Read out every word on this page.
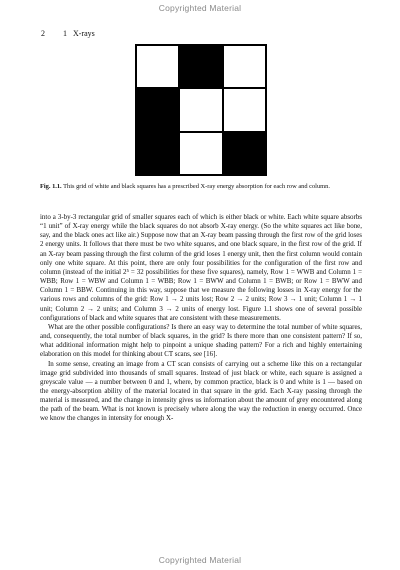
Copyrighted Material
2 1   X-rays
Fig. 1.1. This grid of white and black squares has a prescribed X-ray energy absorption for each row and column.

into a 3-by-3 rectangular grid of smaller squares each of which is either black or white. Each white square absorbs “1 unit” of X-ray energy while the black squares do not absorb X-ray energy. (So the white squares act like bone, say, and the black ones act like air.) Suppose now that an X-ray beam passing through the first row of the grid loses 2 energy units. It follows that there must be two white squares, and one black square, in the first row of the grid. If an X-ray beam passing through the first column of the grid loses 1 energy unit, then the first column would contain only one white square. At this point, there are only four possibilities for the configuration of the first row and column (instead of the initial 2⁵ = 32 possibilities for these five squares), namely, Row 1 = WWB and Column 1 = WBB; Row 1 = WBW and Column 1 = WBB; Row 1 = BWW and Column 1 = BWB; or Row 1 = BWW and Column 1 = BBW. Continuing in this way, suppose that we measure the following losses in X-ray energy for the various rows and columns of the grid: Row 1 → 2 units lost; Row 2 → 2 units; Row 3 → 1 unit; Column 1 → 1 unit; Column 2 → 2 units; and Column 3 → 2 units of energy lost. Figure 1.1 shows one of several possible configurations of black and white squares that are consistent with these measurements.

What are the other possible configurations? Is there an easy way to determine the total number of white squares, and, consequently, the total number of black squares, in the grid? Is there more than one consistent pattern? If so, what additional information might help to pinpoint a unique shading pattern? For a rich and highly entertaining elaboration on this model for thinking about CT scans, see [16].

In some sense, creating an image from a CT scan consists of carrying out a scheme like this on a rectangular image grid subdivided into thousands of small squares. Instead of just black or white, each square is assigned a greyscale value — a number between 0 and 1, where, by common practice, black is 0 and white is 1 — based on the energy-absorption ability of the material located in that square in the grid. Each X-ray passing through the material is measured, and the change in intensity gives us information about the amount of grey encountered along the path of the beam. What is not known is precisely where along the way the reduction in energy occurred. Once we know the changes in intensity for enough X-

Copyrighted Material
